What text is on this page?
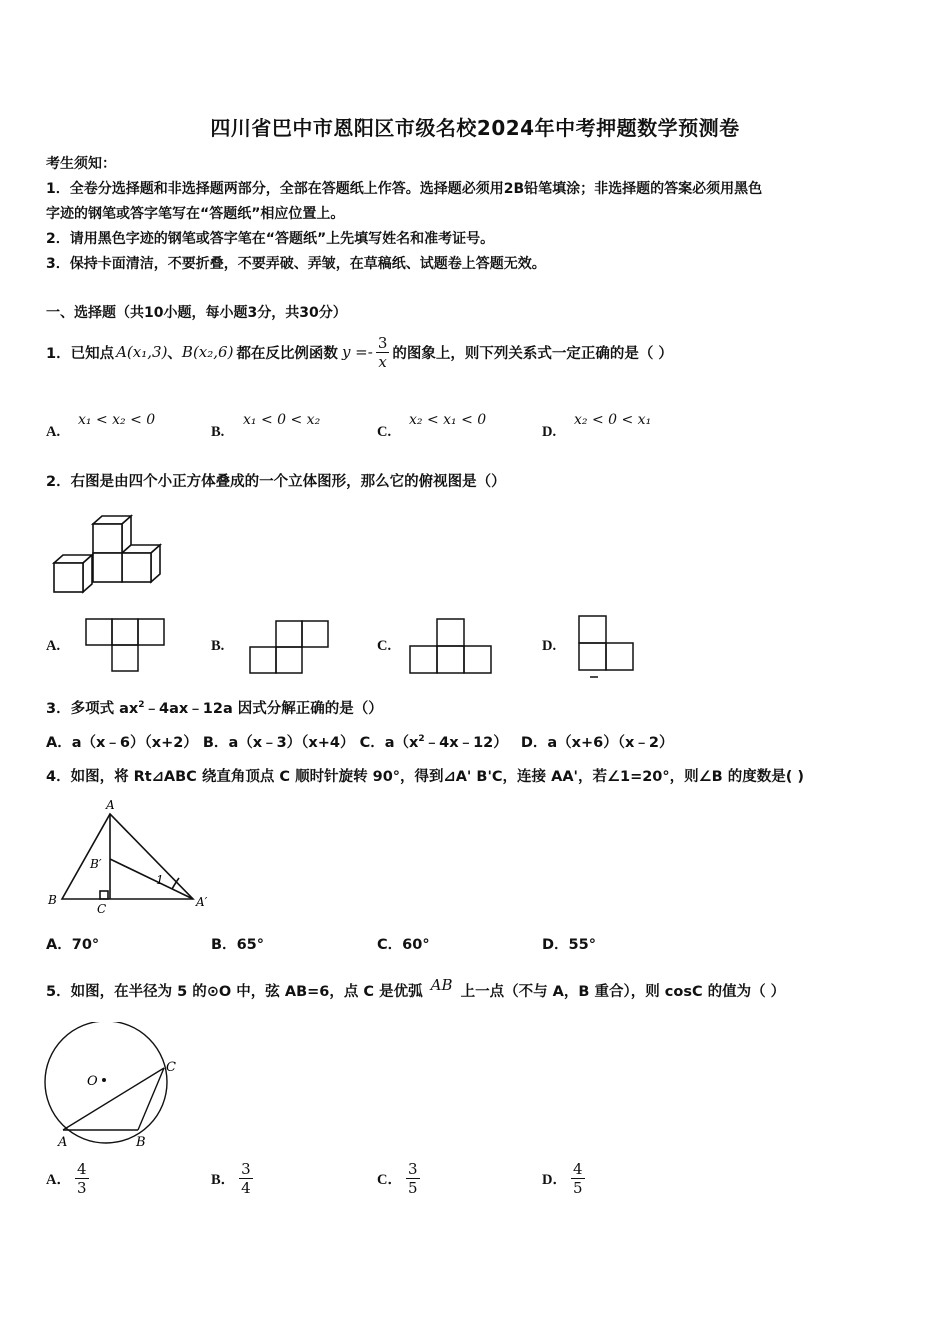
四川省巴中市恩阳区市级名校2024年中考押题数学预测卷
考生须知：
1．全卷分选择题和非选择题两部分，全部在答题纸上作答。选择题必须用2B铅笔填涂；非选择题的答案必须用黑色
字迹的钢笔或答字笔写在“答题纸”相应位置上。
2．请用黑色字迹的钢笔或答字笔在“答题纸”上先填写姓名和准考证号。
3．保持卡面清洁，不要折叠，不要弄破、弄皱，在草稿纸、试题卷上答题无效。
一、选择题（共10小题，每小题3分，共30分）
1．已知点 A(x₁,3) 、 B(x₂,6) 都在反比例函数 $y =- \frac{3}{x}$ 的图象上，则下列关系式一定正确的是（ ）
A.
x₁ < x₂ < 0
B.
x₁ < 0 < x₂
C.
x₂ < x₁ < 0
D.
x₂ < 0 < x₁
2．右图是由四个小正方体叠成的一个立体图形，那么它的俯视图是（）
A.	B.	C.	D.
3．多项式 $ax^2﹣4ax﹣12a$ 因式分解正确的是（）
A．a（x﹣6）（x+2） B．a（x﹣3）（x+4） C．$a(x^2﹣4x﹣12)$ D．a（x+6）（x﹣2）
4．如图，将 Rt⊿ABC 绕直角顶点 C 顺时针旋转 90°，得到⊿A' B'C，连接 AA'，若∠1=20°，则∠B 的度数是( )
A
B
C
B′
A′
1
A．70°	B．65°	C．60°	D．55°
5．如图，在半径为 5 的⊙O 中，弦 AB=6，点 C 是优弧 AB 上一点（不与 A，B 重合），则 cosC 的值为（ ）
O
A	B
C
A． $\frac{4}{3}$	B． $\frac{3}{4}$	C． $\frac{3}{5}$	D． $\frac{4}{5}$
